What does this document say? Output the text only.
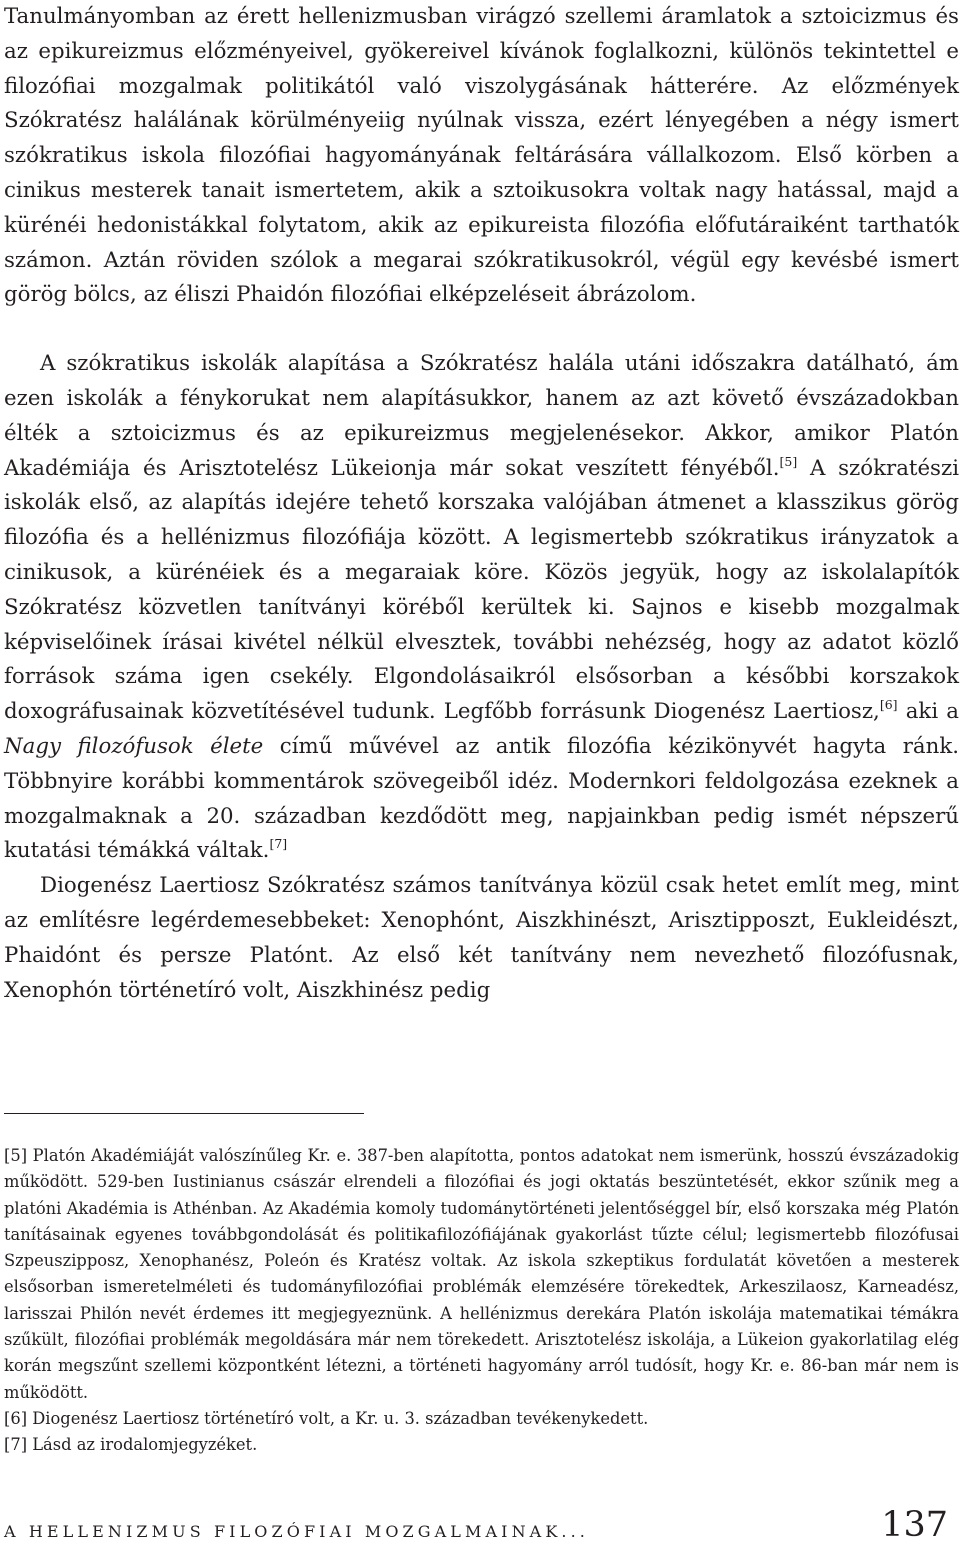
Tanulmányomban az érett hellenizmusban virágzó szellemi áramlatok a sztoicizmus és az epikureizmus előzményeivel, gyökereivel kívánok foglalkozni, különös tekintettel e filozófiai mozgalmak politikától való viszolygásának hátterére. Az előzmények Szókratész halálának körülményeiig nyúlnak vissza, ezért lényegében a négy ismert szókratikus iskola filozófiai hagyományának feltárására vállalkozom. Első körben a cinikus mesterek tanait ismertetem, akik a sztoikusokra voltak nagy hatással, majd a kürénéi hedonistákkal folytatom, akik az epikureista filozófia előfutáraiként tarthatók számon. Aztán röviden szólok a megarai szókratikusokról, végül egy kevésbé ismert görög bölcs, az éliszi Phaidón filozófiai elképzeléseit ábrázolom.

A szókratikus iskolák alapítása a Szókratész halála utáni időszakra datálható, ám ezen iskolák a fénykorukat nem alapításukkor, hanem az azt követő évszázadokban élték a sztoicizmus és az epikureizmus megjelenésekor. Akkor, amikor Platón Akadémiája és Arisztotelész Lükeionja már sokat veszített fényéből.[5] A szókratészi iskolák első, az alapítás idejére tehető korszaka valójában átmenet a klasszikus görög filozófia és a hellénizmus filozófiája között. A legismertebb szókratikus irányzatok a cinikusok, a kürénéiek és a megaraiak köre. Közös jegyük, hogy az iskolalapítók Szókratész közvetlen tanítványi köréből kerültek ki. Sajnos e kisebb mozgalmak képviselőinek írásai kivétel nélkül elvesztek, további nehézség, hogy az adatot közlő források száma igen csekély. Elgondolásaikról elsősorban a későbbi korszakok doxográfusainak közvetítésével tudunk. Legfőbb forrásunk Diogenész Laertiosz,[6] aki a Nagy filozófusok élete című művével az antik filozófia kézikönyvét hagyta ránk. Többnyire korábbi kommentárok szövegeiből idéz. Modernkori feldolgozása ezeknek a mozgalmaknak a 20. században kezdődött meg, napjainkban pedig ismét népszerű kutatási témákká váltak.[7]

Diogenész Laertiosz Szókratész számos tanítványa közül csak hetet említ meg, mint az említésre legérdemesebbeket: Xenophónt, Aiszkhinészt, Arisztipposzt, Eukleidészt, Phaidónt és persze Platónt. Az első két tanítvány nem nevezhető filozófusnak, Xenophón történetíró volt, Aiszkhinész pedig

[5] Platón Akadémiáját valószínűleg Kr. e. 387-ben alapította, pontos adatokat nem ismerünk, hosszú évszázadokig működött. 529-ben Iustinianus császár elrendeli a filozófiai és jogi oktatás beszüntetését, ekkor szűnik meg a platóni Akadémia is Athénban. Az Akadémia komoly tudománytörténeti jelentőséggel bír, első korszaka még Platón tanításainak egyenes továbbgondolását és politikafilozófiájának gyakorlást tűzte célul; legismertebb filozófusai Szpeuszipposz, Xenophanész, Poleón és Kratész voltak. Az iskola szkeptikus fordulatát követően a mesterek elsősorban ismeretelméleti és tudományfilozófiai problémák elemzésére törekedtek, Arkeszilaosz, Karneadész, larisszai Philón nevét érdemes itt megjegyeznünk. A hellénizmus derekára Platón iskolája matematikai témákra szűkült, filozófiai problémák megoldására már nem törekedett. Arisztotelész iskolája, a Lükeion gyakorlatilag elég korán megszűnt szellemi központként létezni, a történeti hagyomány arról tudósít, hogy Kr. e. 86-ban már nem is működött.

[6] Diogenész Laertiosz történetíró volt, a Kr. u. 3. században tevékenykedett.

[7] Lásd az irodalomjegyzéket.

A HELLENIZMUS FILOZÓFIAI MOZGALMAINAK...	137
